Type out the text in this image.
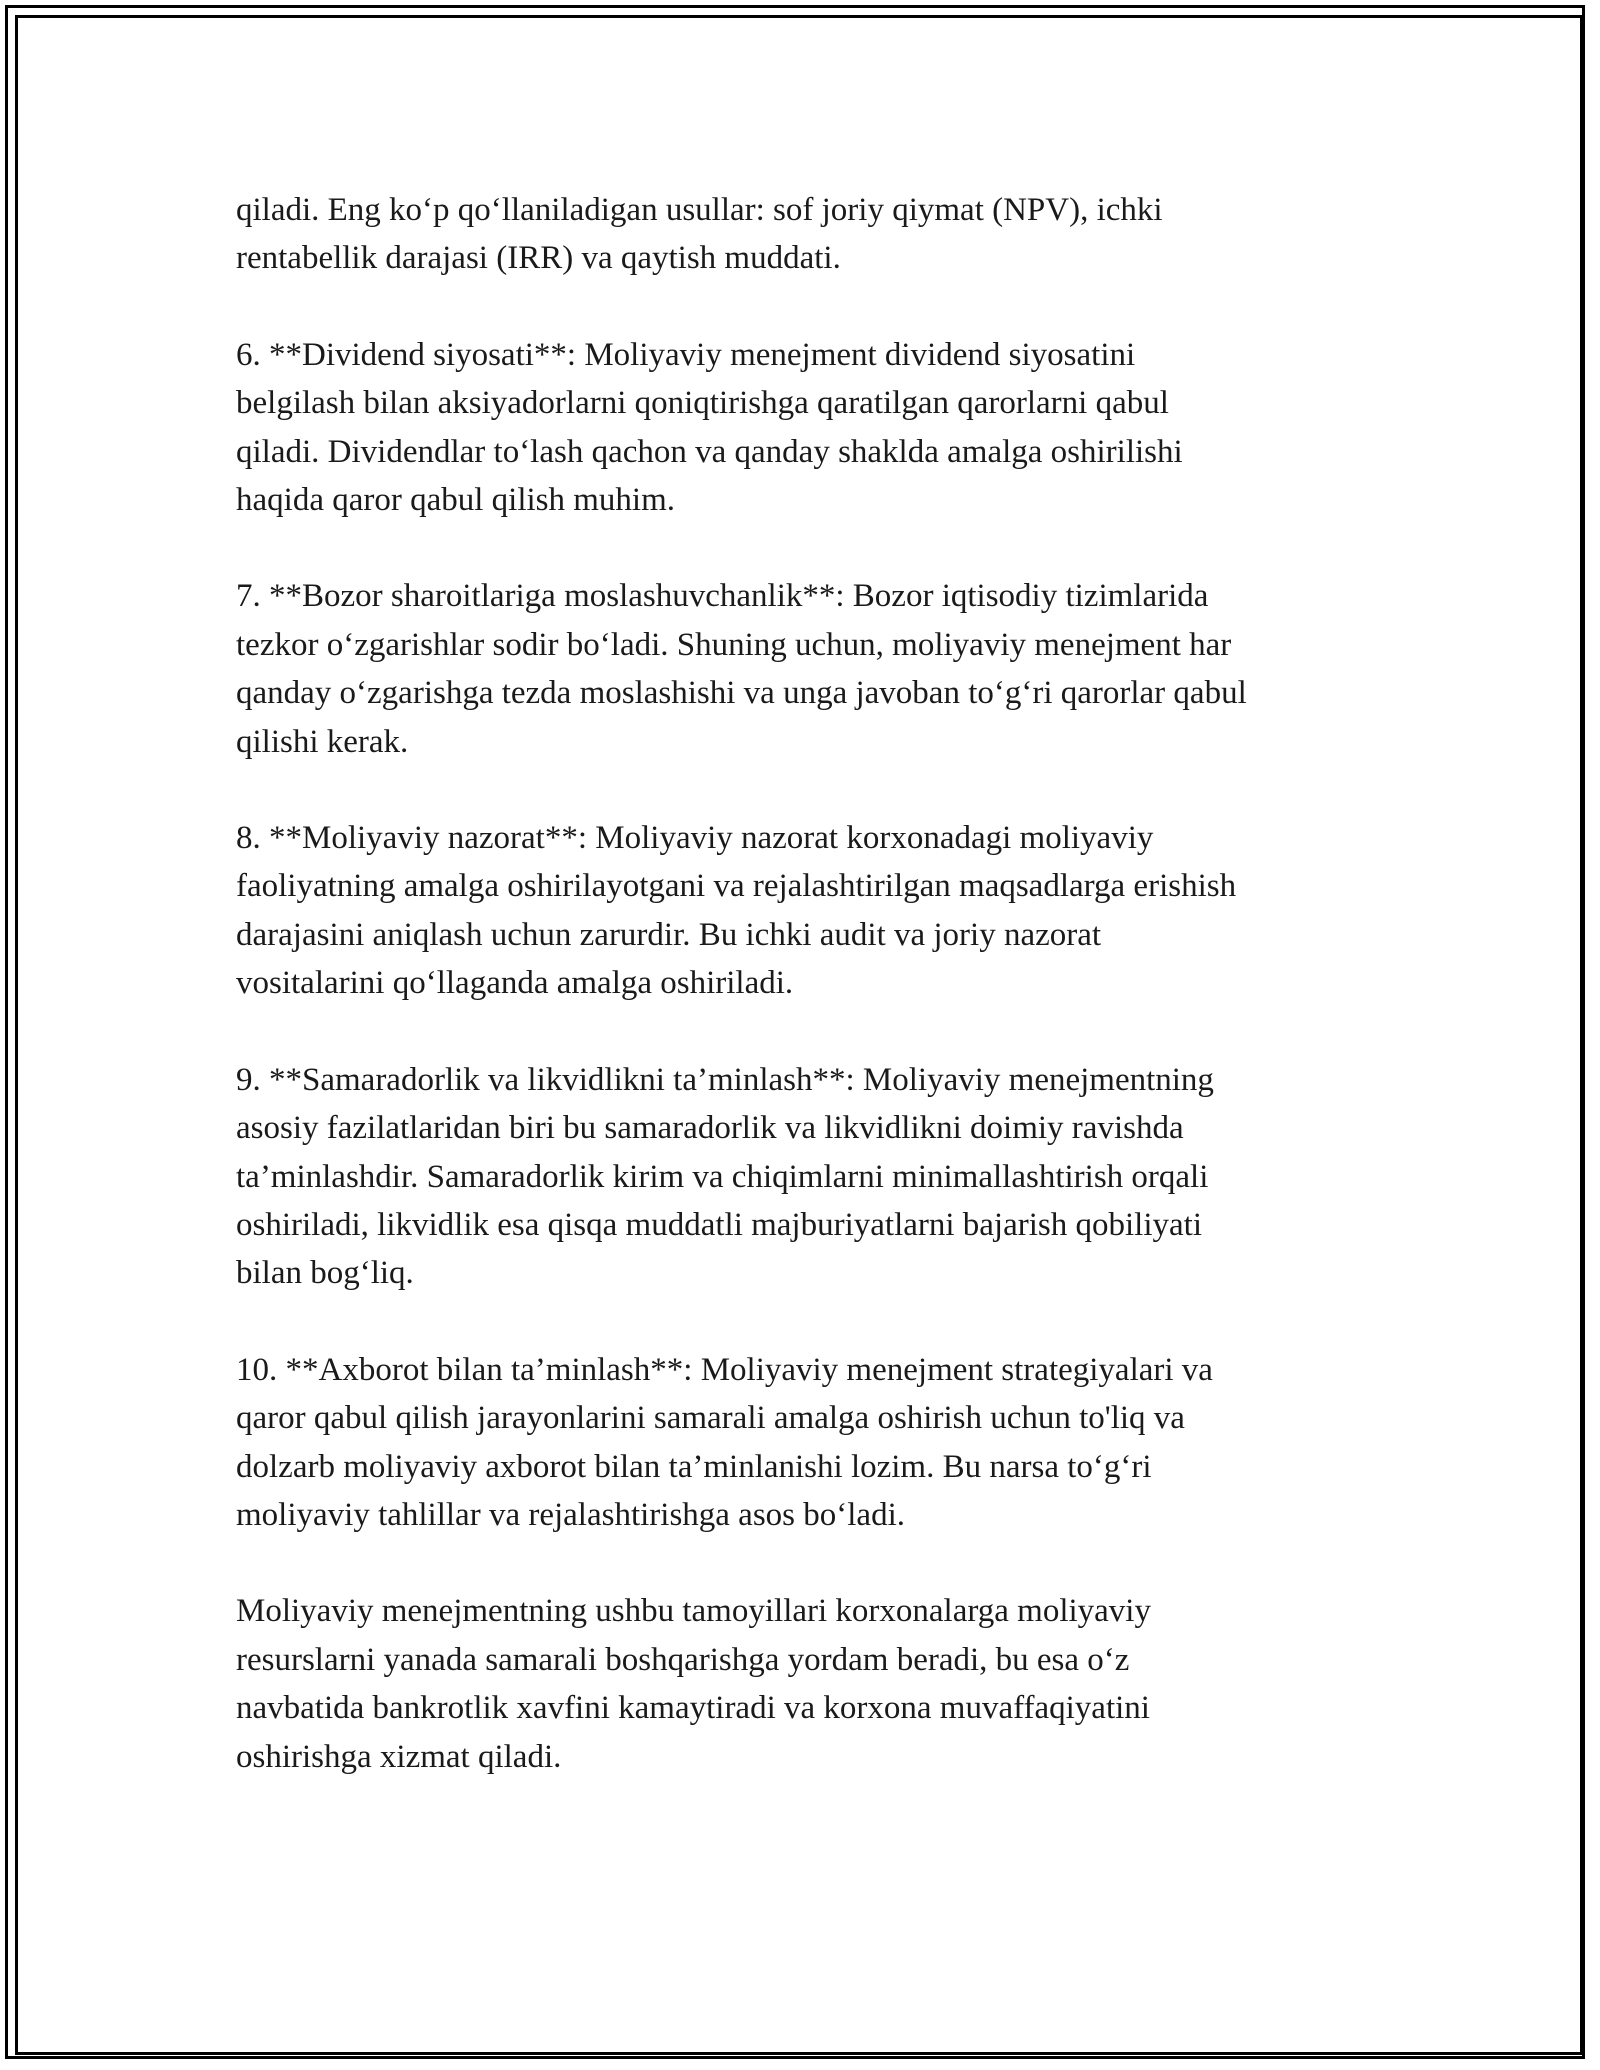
qiladi. Eng ko‘p qo‘llaniladigan usullar: sof joriy qiymat (NPV), ichki
rentabellik darajasi (IRR) va qaytish muddati.

6. **Dividend siyosati**: Moliyaviy menejment dividend siyosatini
belgilash bilan aksiyadorlarni qoniqtirishga qaratilgan qarorlarni qabul
qiladi. Dividendlar to‘lash qachon va qanday shaklda amalga oshirilishi
haqida qaror qabul qilish muhim.

7. **Bozor sharoitlariga moslashuvchanlik**: Bozor iqtisodiy tizimlarida
tezkor o‘zgarishlar sodir bo‘ladi. Shuning uchun, moliyaviy menejment har
qanday o‘zgarishga tezda moslashishi va unga javoban to‘g‘ri qarorlar qabul
qilishi kerak.

8. **Moliyaviy nazorat**: Moliyaviy nazorat korxonadagi moliyaviy
faoliyatning amalga oshirilayotgani va rejalashtirilgan maqsadlarga erishish
darajasini aniqlash uchun zarurdir. Bu ichki audit va joriy nazorat
vositalarini qo‘llaganda amalga oshiriladi.

9. **Samaradorlik va likvidlikni ta’minlash**: Moliyaviy menejmentning
asosiy fazilatlaridan biri bu samaradorlik va likvidlikni doimiy ravishda
ta’minlashdir. Samaradorlik kirim va chiqimlarni minimallashtirish orqali
oshiriladi, likvidlik esa qisqa muddatli majburiyatlarni bajarish qobiliyati
bilan bog‘liq.

10. **Axborot bilan ta’minlash**: Moliyaviy menejment strategiyalari va
qaror qabul qilish jarayonlarini samarali amalga oshirish uchun to'liq va
dolzarb moliyaviy axborot bilan ta’minlanishi lozim. Bu narsa to‘g‘ri
moliyaviy tahlillar va rejalashtirishga asos bo‘ladi.

Moliyaviy menejmentning ushbu tamoyillari korxonalarga moliyaviy
resurslarni yanada samarali boshqarishga yordam beradi, bu esa o‘z
navbatida bankrotlik xavfini kamaytiradi va korxona muvaffaqiyatini
oshirishga xizmat qiladi.
